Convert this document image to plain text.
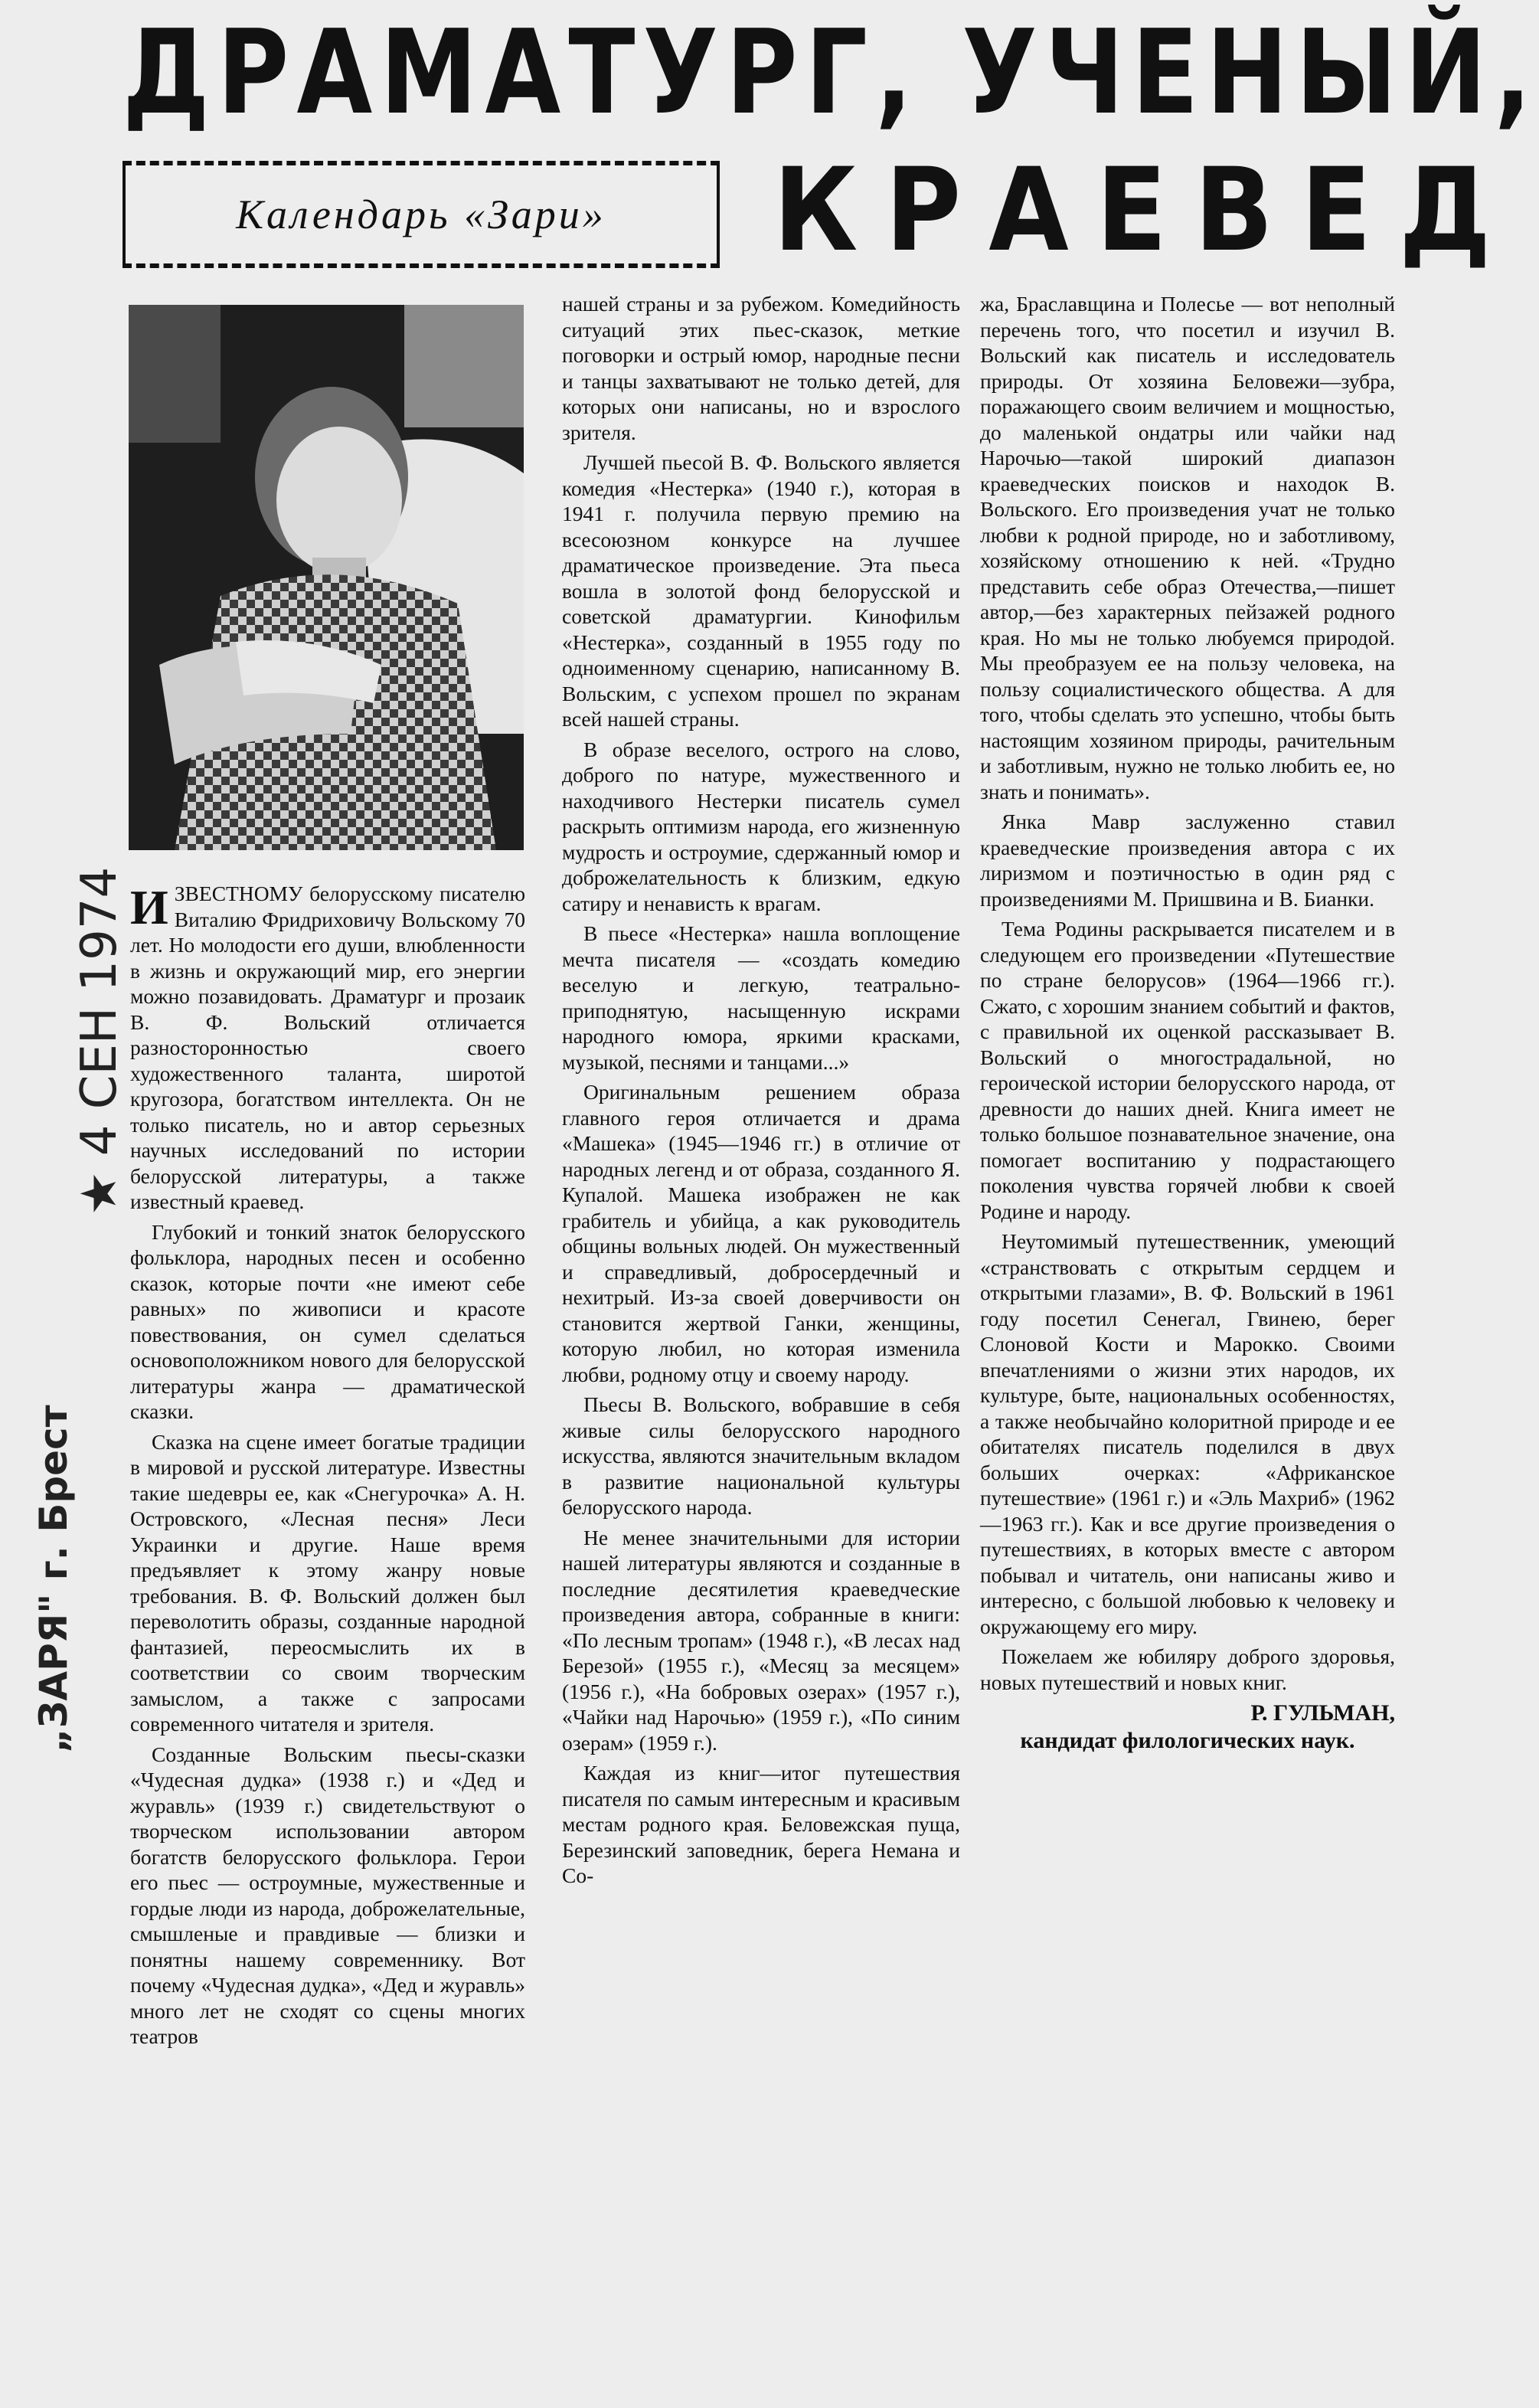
ДРАМАТУРГ, УЧЕНЫЙ,
Календарь «Зари»	КРАЕВЕД
★ 4 СЕН 1974
„ЗАРЯ" г. Брест

ИЗВЕСТНОМУ белорусскому писателю Виталию Фридриховичу Вольскому 70 лет. Но молодости его души, влюбленности в жизнь и окружающий мир, его энергии можно позавидовать. Драматург и прозаик В. Ф. Вольский отличается разносторонностью своего художественного таланта, широтой кругозора, богатством интеллекта. Он не только писатель, но и автор серьезных научных исследований по истории белорусской литературы, а также известный краевед.

Глубокий и тонкий знаток белорусского фольклора, народных песен и особенно сказок, которые почти «не имеют себе равных» по живописи и красоте повествования, он сумел сделаться основоположником нового для белорусской литературы жанра — драматической сказки.

Сказка на сцене имеет богатые традиции в мировой и русской литературе. Известны такие шедевры ее, как «Снегурочка» А. Н. Островского, «Лесная песня» Леси Украинки и другие. Наше время предъявляет к этому жанру новые требования. В. Ф. Вольский должен был переволотить образы, созданные народной фантазией, переосмыслить их в соответствии со своим творческим замыслом, а также с запросами современного читателя и зрителя.

Созданные Вольским пьесы-сказки «Чудесная дудка» (1938 г.) и «Дед и журавль» (1939 г.) свидетельствуют о творческом использовании автором богатств белорусского фольклора. Герои его пьес — остроумные, мужественные и гордые люди из народа, доброжелательные, смышленые и правдивые — близки и понятны нашему современнику. Вот почему «Чудесная дудка», «Дед и журавль» много лет не сходят со сцены многих театров

нашей страны и за рубежом. Комедийность ситуаций этих пьес-сказок, меткие поговорки и острый юмор, народные песни и танцы захватывают не только детей, для которых они написаны, но и взрослого зрителя.

Лучшей пьесой В. Ф. Вольского является комедия «Нестерка» (1940 г.), которая в 1941 г. получила первую премию на всесоюзном конкурсе на лучшее драматическое произведение. Эта пьеса вошла в золотой фонд белорусской и советской драматургии. Кинофильм «Нестерка», созданный в 1955 году по одноименному сценарию, написанному В. Вольским, с успехом прошел по экранам всей нашей страны.

В образе веселого, острого на слово, доброго по натуре, мужественного и находчивого Нестерки писатель сумел раскрыть оптимизм народа, его жизненную мудрость и остроумие, сдержанный юмор и доброжелательность к близким, едкую сатиру и ненависть к врагам.

В пьесе «Нестерка» нашла воплощение мечта писателя — «создать комедию веселую и легкую, театрально-приподнятую, насыщенную искрами народного юмора, яркими красками, музыкой, песнями и танцами...»

Оригинальным решением образа главного героя отличается и драма «Машека» (1945—1946 гг.) в отличие от народных легенд и от образа, созданного Я. Купалой. Машека изображен не как грабитель и убийца, а как руководитель общины вольных людей. Он мужественный и справедливый, добросердечный и нехитрый. Из-за своей доверчивости он становится жертвой Ганки, женщины, которую любил, но которая изменила любви, родному отцу и своему народу.

Пьесы В. Вольского, вобравшие в себя живые силы белорусского народного искусства, являются значительным вкладом в развитие национальной культуры белорусского народа.

Не менее значительными для истории нашей литературы являются и созданные в последние десятилетия краеведческие произведения автора, собранные в книги: «По лесным тропам» (1948 г.), «В лесах над Березой» (1955 г.), «Месяц за месяцем» (1956 г.), «На бобровых озерах» (1957 г.), «Чайки над Нарочью» (1959 г.), «По синим озерам» (1959 г.).

Каждая из книг—итог путешествия писателя по самым интересным и красивым местам родного края. Беловежская пуща, Березинский заповедник, берега Немана и Со-

жа, Браславщина и Полесье — вот неполный перечень того, что посетил и изучил В. Вольский как писатель и исследователь природы. От хозяина Беловежи—зубра, поражающего своим величием и мощностью, до маленькой ондатры или чайки над Нарочью—такой широкий диапазон краеведческих поисков и находок В. Вольского. Его произведения учат не только любви к родной природе, но и заботливому, хозяйскому отношению к ней. «Трудно представить себе образ Отечества,—пишет автор,—без характерных пейзажей родного края. Но мы не только любуемся природой. Мы преобразуем ее на пользу человека, на пользу социалистического общества. А для того, чтобы сделать это успешно, чтобы быть настоящим хозяином природы, рачительным и заботливым, нужно не только любить ее, но знать и понимать».

Янка Мавр заслуженно ставил краеведческие произведения автора с их лиризмом и поэтичностью в один ряд с произведениями М. Пришвина и В. Бианки.

Тема Родины раскрывается писателем и в следующем его произведении «Путешествие по стране белорусов» (1964—1966 гг.). Сжато, с хорошим знанием событий и фактов, с правильной их оценкой рассказывает В. Вольский о многострадальной, но героической истории белорусского народа, от древности до наших дней. Книга имеет не только большое познавательное значение, она помогает воспитанию у подрастающего поколения чувства горячей любви к своей Родине и народу.

Неутомимый путешественник, умеющий «странствовать с открытым сердцем и открытыми глазами», В. Ф. Вольский в 1961 году посетил Сенегал, Гвинею, берег Слоновой Кости и Марокко. Своими впечатлениями о жизни этих народов, их культуре, быте, национальных особенностях, а также необычайно колоритной природе и ее обитателях писатель поделился в двух больших очерках: «Африканское путешествие» (1961 г.) и «Эль Махриб» (1962—1963 гг.). Как и все другие произведения о путешествиях, в которых вместе с автором побывал и читатель, они написаны живо и интересно, с большой любовью к человеку и окружающему его миру.

Пожелаем же юбиляру доброго здоровья, новых путешествий и новых книг.

Р. ГУЛЬМАН,
кандидат филологических наук.
